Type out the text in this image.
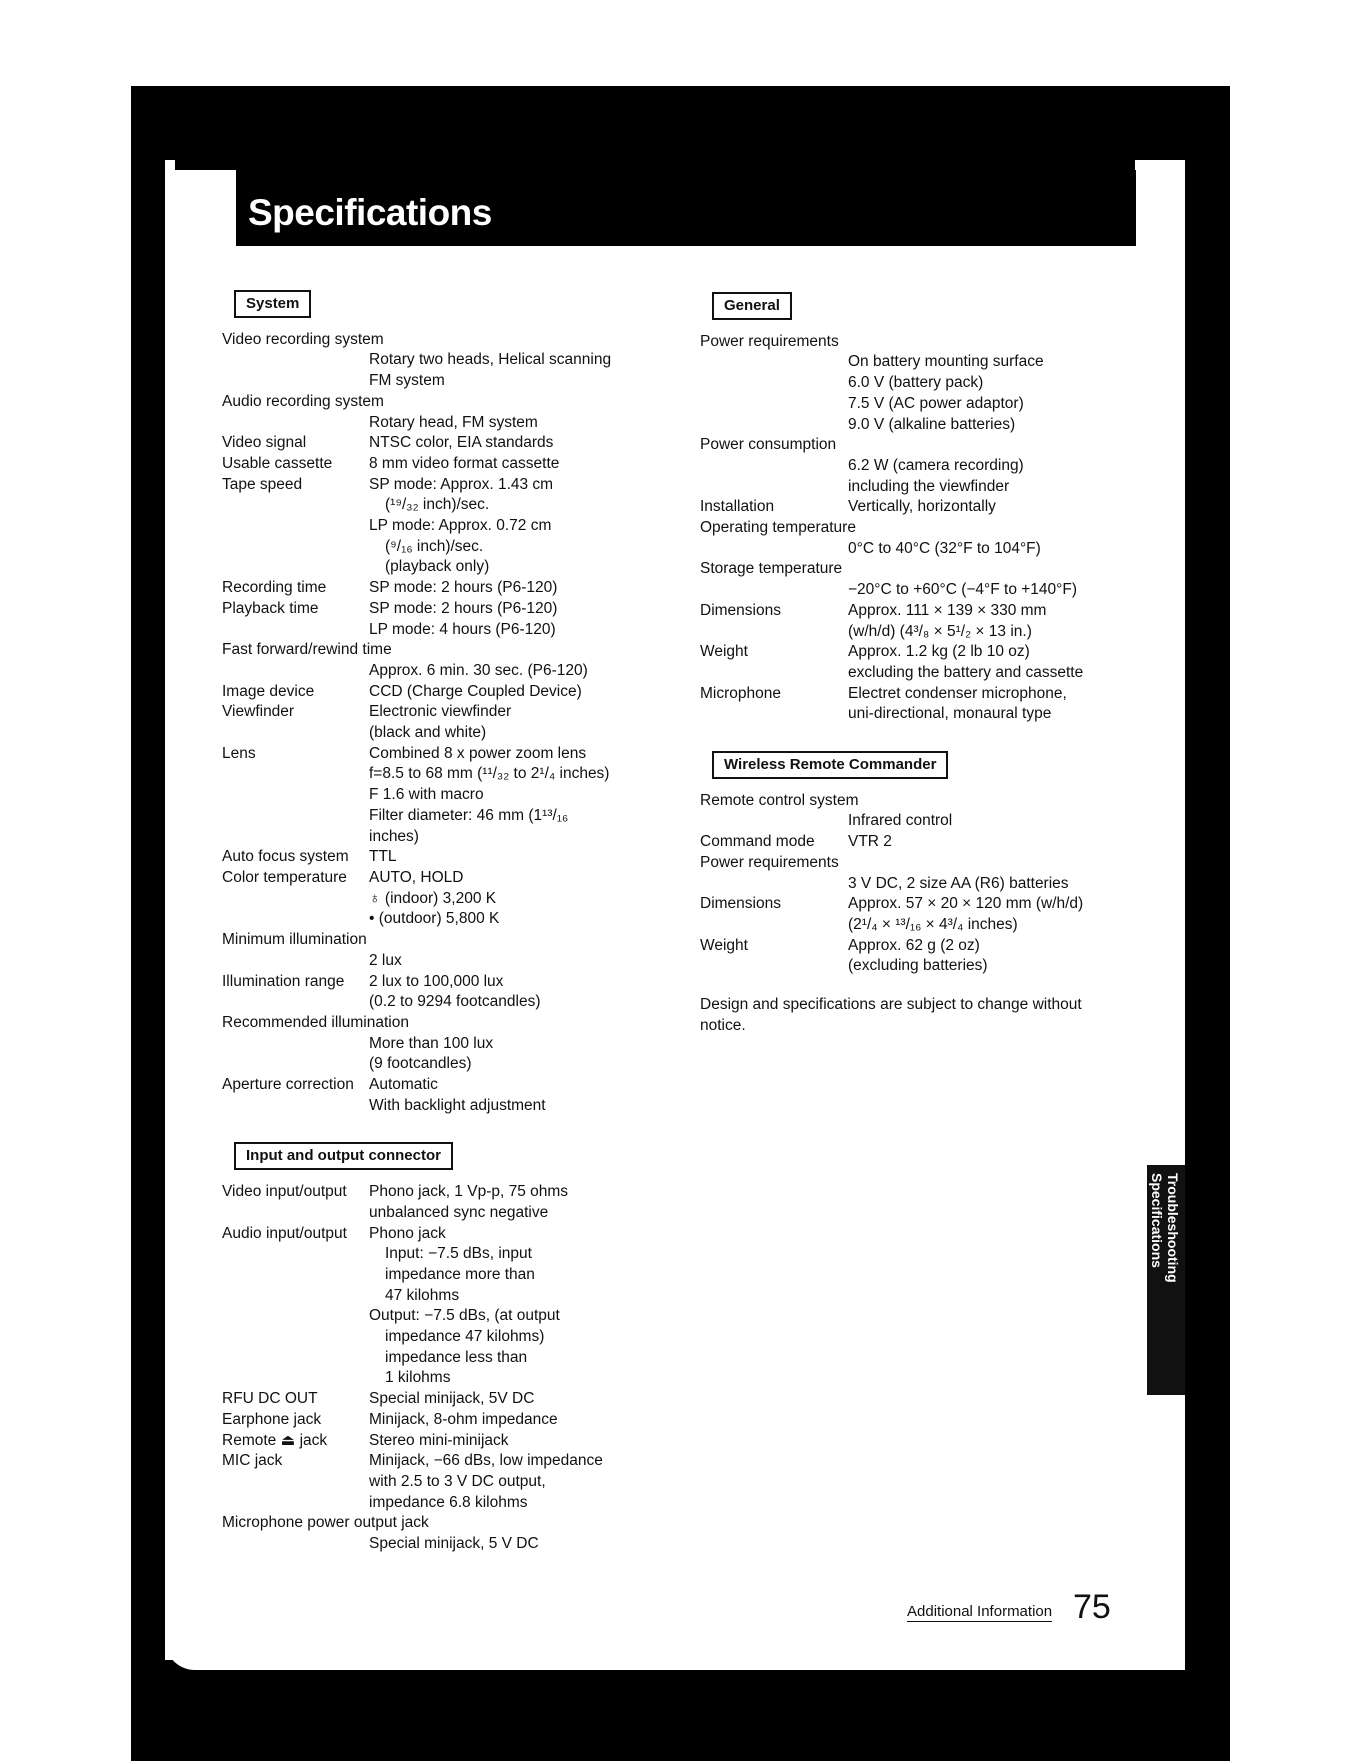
Specifications
System
Video recording system
Rotary two heads, Helical scanning
FM system
Audio recording system
Rotary head, FM system
Video signal	NTSC color, EIA standards
Usable cassette	8 mm video format cassette
Tape speed	SP mode: Approx. 1.43 cm
(¹⁹/₃₂ inch)/sec.
LP mode: Approx. 0.72 cm
(⁹/₁₆ inch)/sec.
(playback only)
Recording time	SP mode: 2 hours (P6-120)
Playback time	SP mode: 2 hours (P6-120)
LP mode: 4 hours (P6-120)
Fast forward/rewind time
Approx. 6 min. 30 sec. (P6-120)
Image device	CCD (Charge Coupled Device)
Viewfinder	Electronic viewfinder
(black and white)
Lens	Combined 8 x power zoom lens
f=8.5 to 68 mm (¹¹/₃₂ to 2¹/₄ inches)
F 1.6 with macro
Filter diameter: 46 mm (1¹³/₁₆
inches)
Auto focus system	TTL
Color temperature	AUTO, HOLD
♁ (indoor) 3,200 K
• (outdoor) 5,800 K
Minimum illumination
2 lux
Illumination range	2 lux to 100,000 lux
(0.2 to 9294 footcandles)
Recommended illumination
More than 100 lux
(9 footcandles)
Aperture correction Automatic
With backlight adjustment
Input and output connector
Video input/output	Phono jack, 1 Vp-p, 75 ohms
unbalanced sync negative
Audio input/output	Phono jack
Input: −7.5 dBs, input
impedance more than
47 kilohms
Output: −7.5 dBs, (at output
impedance 47 kilohms)
impedance less than
1 kilohms
RFU DC OUT	Special minijack, 5V DC
Earphone jack	Minijack, 8-ohm impedance
Remote ⏏ jack	Stereo mini-minijack
MIC jack	Minijack, −66 dBs, low impedance
with 2.5 to 3 V DC output,
impedance 6.8 kilohms
Microphone power output jack
Special minijack, 5 V DC
General
Power requirements
On battery mounting surface
6.0 V (battery pack)
7.5 V (AC power adaptor)
9.0 V (alkaline batteries)
Power consumption
6.2 W (camera recording)
including the viewfinder
Installation	Vertically, horizontally
Operating temperature
0°C to 40°C (32°F to 104°F)
Storage temperature
−20°C to +60°C (−4°F to +140°F)
Dimensions	Approx. 111 × 139 × 330 mm
(w/h/d) (4³/₈ × 5¹/₂ × 13 in.)
Weight	Approx. 1.2 kg (2 lb 10 oz)
excluding the battery and cassette
Microphone	Electret condenser microphone,
uni-directional, monaural type
Wireless Remote Commander
Remote control system
Infrared control
Command mode	VTR 2
Power requirements
3 V DC, 2 size AA (R6) batteries
Dimensions	Approx. 57 × 20 × 120 mm (w/h/d)
(2¹/₄ × ¹³/₁₆ × 4³/₄ inches)
Weight	Approx. 62 g (2 oz)
(excluding batteries)
Design and specifications are subject to change without notice.
Troubleshooting
Specifications
Additional Information 75
